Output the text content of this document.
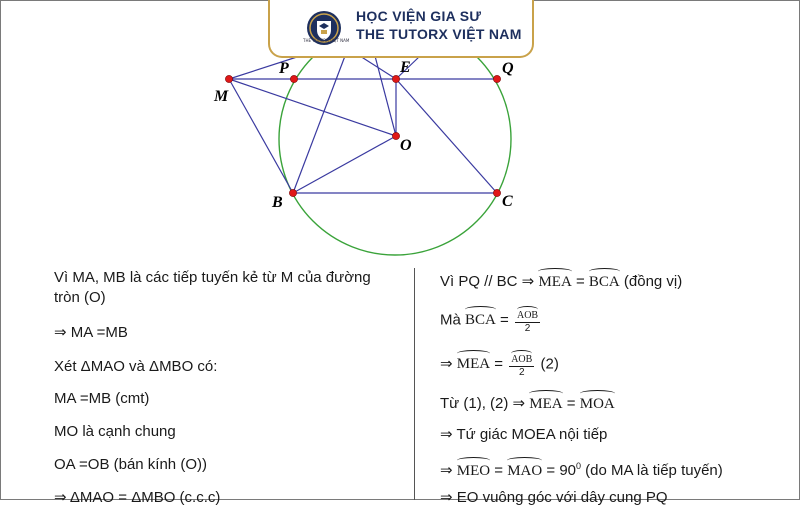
P	E	Q
M
O
B	C
THE TUTORX VIỆT NAM
HỌC VIỆN GIA SƯ
THE TUTORX VIỆT NAM
Vì MA, MB là các tiếp tuyến kẻ từ M của đường tròn (O)
⇒ MA =MB
Xét ΔMAO và ΔMBO có:
MA =MB (cmt)
MO là cạnh chung
OA =OB (bán kính (O))
⇒ ΔMAO = ΔMBO (c.c.c)
Vì PQ // BC ⇒ MEA = BCA (đồng vị)
Mà BCA = $\frac{\text{AOB}}{2}$
⇒ MEA = $\frac{\text{AOB}}{2} (2)$
Từ (1), (2) ⇒ MEA = MOA
⇒ Tứ giác MOEA nội tiếp
⇒ MEO = MAO = $90^0$ (do MA là tiếp tuyến)
⇒ EO vuông góc với dây cung PQ
